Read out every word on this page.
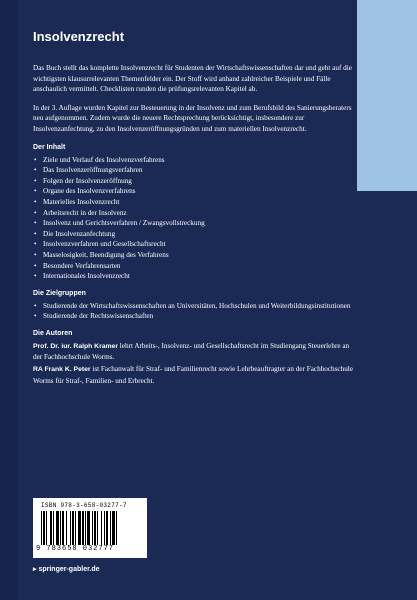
Insolvenzrecht

Das Buch stellt das komplette Insolvenzrecht für Studenten der Wirtschaftswissenschaften dar und geht auf die wichtigsten klausurrelevanten Themenfelder ein. Der Stoff wird anhand zahlreicher Beispiele und Fälle anschaulich vermittelt. Checklisten runden die prüfungsrelevanten Kapitel ab.

In der 3. Auflage wurden Kapitel zur Besteuerung in der Insolvenz und zum Berufsbild des Sanierungsberaters neu aufgenommen. Zudem wurde die neuere Rechtsprechung berücksichtigt, insbesondere zur Insolvenzanfechtung, zu den Insolvenzeröffnungsgründen und zum materiellen Insolvenzrecht.

Der Inhalt
• Ziele und Verlauf des Insolvenzverfahrens
• Das Insolvenzeröffnungsverfahren
• Folgen der Insolvenzeröffnung
• Organe des Insolvenzverfahrens
• Materielles Insolvenzrecht
• Arbeitsrecht in der Insolvenz
• Insolvenz und Gerichtsverfahren / Zwangsvollstreckung
• Die Insolvenzanfechtung
• Insolvenzverfahren und Gesellschaftsrecht
• Masselosigkeit, Beendigung des Verfahrens
• Besondere Verfahrensarten
• Internationales Insolvenzrecht
Die Zielgruppen
• Studierende der Wirtschaftswissenschaften an Universitäten, Hochschulen und Weiterbildungsinstitutionen
• Studierende der Rechtswissenschaften
Die Autoren

Prof. Dr. iur. Ralph Kramer lehrt Arbeits-, Insolvenz- und Gesellschaftsrecht im Studiengang Steuerlehre an der Fachhochschule Worms.

RA Frank K. Peter ist Fachanwalt für Straf- und Familienrecht sowie Lehrbeauftragter an der Fachhochschule Worms für Straf-, Familien- und Erbrecht.

ISBN 978-3-658-03277-7
9 783658 032777
▸ springer-gabler.de
